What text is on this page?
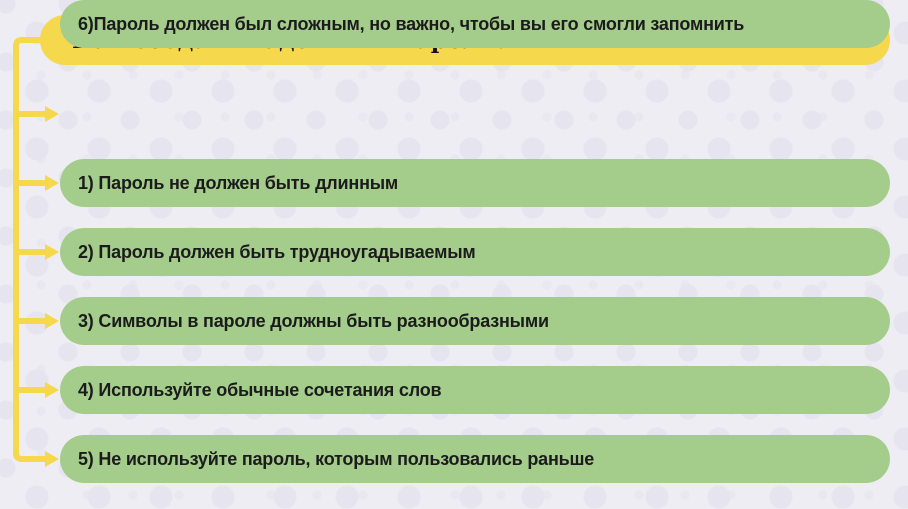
1) Пароль не должен быть длинным
2) Пароль должен быть трудноугадываемым
3) Символы в пароле должны быть разнообразными
4) Используйте обычные сочетания слов
5) Не используйте пароль, которым пользовались раньше
6)Пароль должен был сложным, но важно, чтобы вы его смогли запомнить
